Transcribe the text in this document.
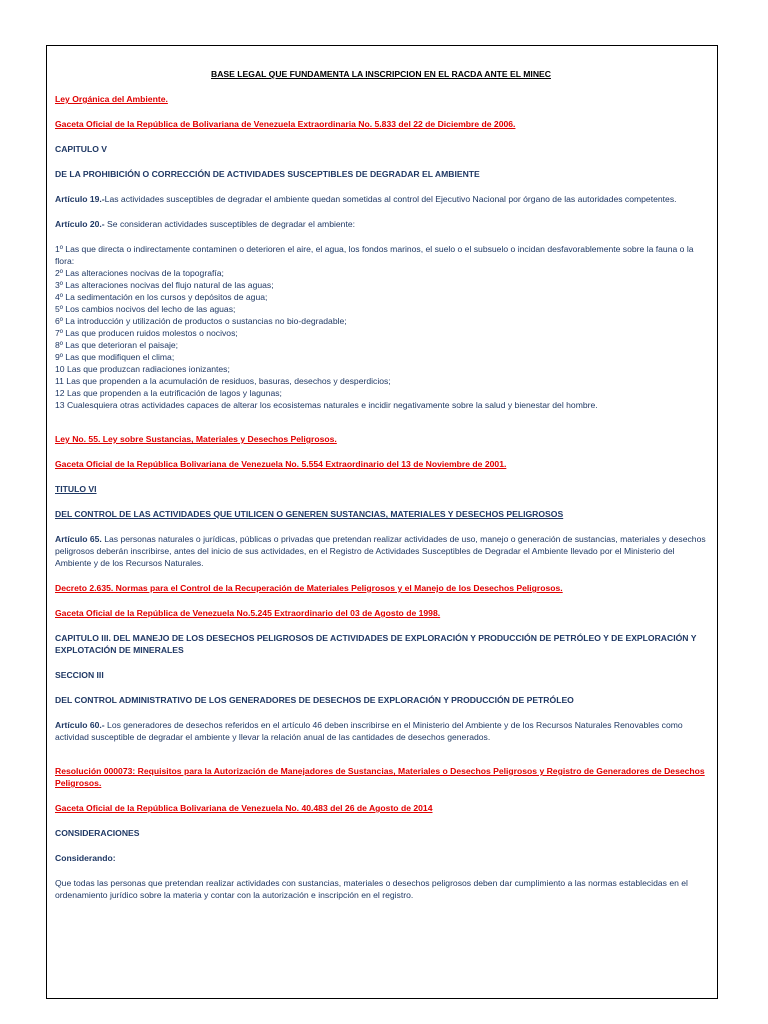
BASE LEGAL QUE FUNDAMENTA LA INSCRIPCION EN EL RACDA ANTE EL MINEC

Ley Orgánica del Ambiente.

Gaceta Oficial de la República de Bolivariana de Venezuela Extraordinaria No. 5.833 del 22 de Diciembre de 2006.

CAPITULO V

DE LA PROHIBICIÓN O CORRECCIÓN DE ACTIVIDADES SUSCEPTIBLES DE DEGRADAR EL AMBIENTE

Artículo 19.-Las actividades susceptibles de degradar el ambiente quedan sometidas al control del Ejecutivo Nacional por órgano de las autoridades competentes.

Artículo 20.- Se consideran actividades susceptibles de degradar el ambiente:

1º Las que directa o indirectamente contaminen o deterioren el aire, el agua, los fondos marinos, el suelo o el subsuelo o incidan desfavorablemente sobre la fauna o la flora:
2º Las alteraciones nocivas de la topografía;
3º Las alteraciones nocivas del flujo natural de las aguas;
4º La sedimentación en los cursos y depósitos de agua;
5º Los cambios nocivos del lecho de las aguas;
6º La introducción y utilización de productos o sustancias no bio-degradable;
7º Las que producen ruidos molestos o nocivos;
8º Las que deterioran el paisaje;
9º Las que modifiquen el clima;
10 Las que produzcan radiaciones ionizantes;
11 Las que propenden a la acumulación de residuos, basuras, desechos y desperdicios;
12 Las que propenden a la eutrificación de lagos y lagunas;
13 Cualesquiera otras actividades capaces de alterar los ecosistemas naturales e incidir negativamente sobre la salud y bienestar del hombre.

Ley No. 55. Ley sobre Sustancias, Materiales y Desechos Peligrosos.

Gaceta Oficial de la República Bolivariana de Venezuela No. 5.554 Extraordinario del 13 de Noviembre de 2001.

TITULO VI

DEL CONTROL DE LAS ACTIVIDADES QUE UTILICEN O GENEREN SUSTANCIAS, MATERIALES Y DESECHOS PELIGROSOS

Artículo 65. Las personas naturales o jurídicas, públicas o privadas que pretendan realizar actividades de uso, manejo o generación de sustancias, materiales y desechos peligrosos deberán inscribirse, antes del inicio de sus actividades, en el Registro de Actividades Susceptibles de Degradar el Ambiente llevado por el Ministerio del Ambiente y de los Recursos Naturales.

Decreto 2.635. Normas para el Control de la Recuperación de Materiales Peligrosos y el Manejo de los Desechos Peligrosos.

Gaceta Oficial de la República de Venezuela No.5.245 Extraordinario del 03 de Agosto de 1998.

CAPITULO III. DEL MANEJO DE LOS DESECHOS PELIGROSOS DE ACTIVIDADES DE EXPLORACIÓN Y PRODUCCIÓN DE PETRÓLEO Y DE EXPLORACIÓN Y EXPLOTACIÓN DE MINERALES

SECCION III

DEL CONTROL ADMINISTRATIVO DE LOS GENERADORES DE DESECHOS DE EXPLORACIÓN Y PRODUCCIÓN DE PETRÓLEO

Artículo 60.- Los generadores de desechos referidos en el artículo 46 deben inscribirse en el Ministerio del Ambiente y de los Recursos Naturales Renovables como actividad susceptible de degradar el ambiente y llevar la relación anual de las cantidades de desechos generados.

Resolución 000073: Requisitos para la Autorización de Manejadores de Sustancias, Materiales o Desechos Peligrosos y Registro de Generadores de Desechos Peligrosos.

Gaceta Oficial de la República Bolivariana de Venezuela No. 40.483 del 26 de Agosto de 2014

CONSIDERACIONES

Considerando:

Que todas las personas que pretendan realizar actividades con sustancias, materiales o desechos peligrosos deben dar cumplimiento a las normas establecidas en el ordenamiento jurídico sobre la materia y contar con la autorización e inscripción en el registro.
